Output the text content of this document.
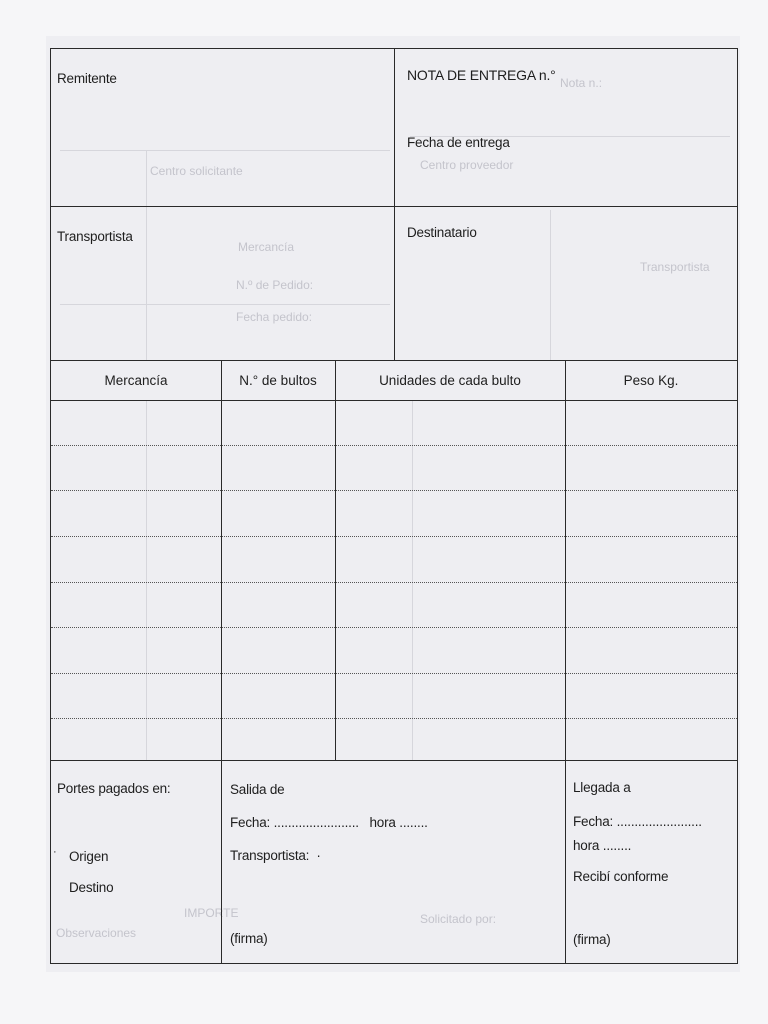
Centro solicitante
Mercancía
N.º de Pedido:
Fecha pedido:
Nota n.:
Centro proveedor
Transportista
Solicitado por:
Observaciones
IMPORTE
Remitente	NOTA DE ENTREGA n.°
Fecha de entrega
Transportista	Destinatario
Mercancía	N.° de bultos	Unidades de cada bulto	Peso Kg.
Portes pagados en:
· Origen
Destino
Salida de
Fecha: ........................   hora ........
Transportista:  ·
(firma)
Llegada a
Fecha: ........................
hora ........
Recibí conforme
(firma)
